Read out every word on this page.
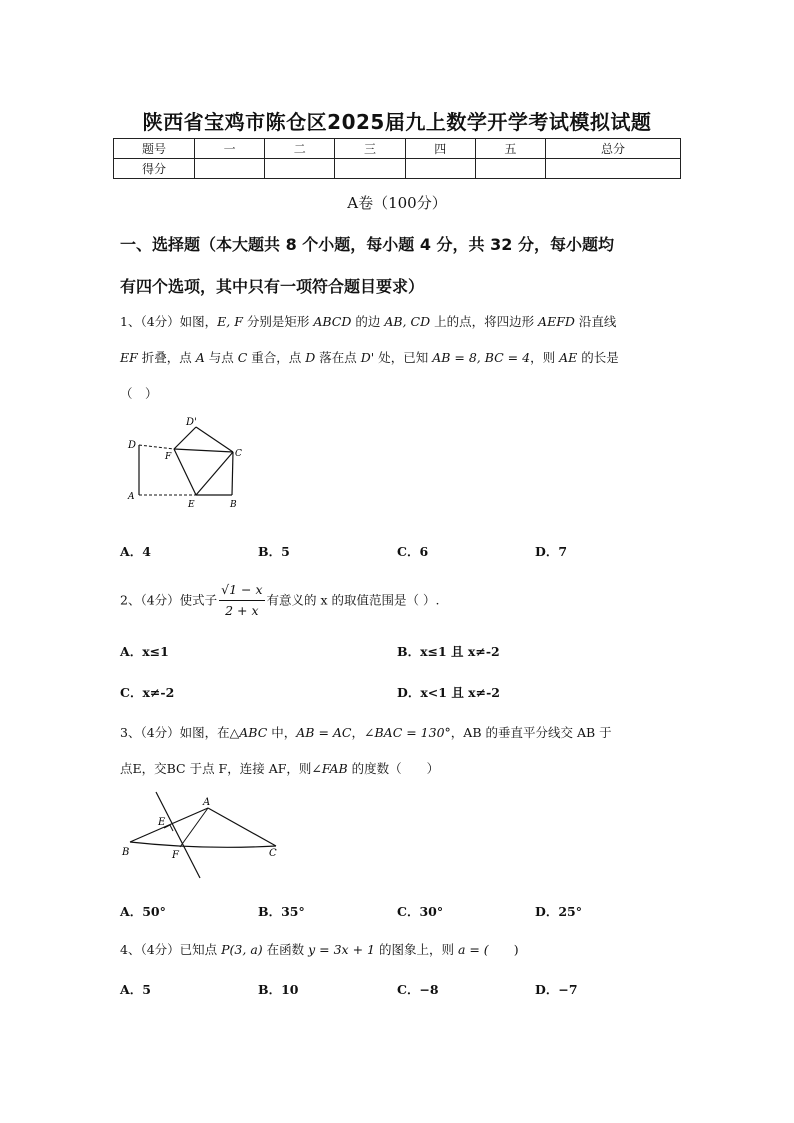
陕西省宝鸡市陈仓区2025届九上数学开学考试模拟试题
题号	一	二	三	四	五	总分
得分						
A卷（100分）
一、选择题（本大题共 8 个小题，每小题 4 分，共 32 分，每小题均
有四个选项，其中只有一项符合题目要求）
1、（4分）如图，E, F 分别是矩形 ABCD 的边 AB, CD 上的点，将四边形 AEFD 沿直线
EF 折叠，点 A 与点 C 重合，点 D 落在点 D' 处，已知 AB = 8, BC = 4，则 AE 的长是
（　）
D
D'
F	C
A
E	B
A．4	B．5	C．6	D．7
2、（4分）使式子 $\frac{√1 - x}{2 + x}$ 有意义的 x 的取值范围是（ ）.
A．x≤1	B．x≤1 且 x≠-2
C．x≠-2	D．x<1 且 x≠-2
3、（4分）如图，在△ABC 中，AB = AC，∠BAC = 130°，AB 的垂直平分线交 AB 于
点E，交BC 于点 F，连接 AF，则∠FAB 的度数（　　）
A
B	C
E
F
A．50°	B．35°	C．30°	D．25°
4、（4分）已知点 P(3, a) 在函数 y = 3x + 1 的图象上，则 a = (　　)
A．5	B．10	C．−8	D．−7
